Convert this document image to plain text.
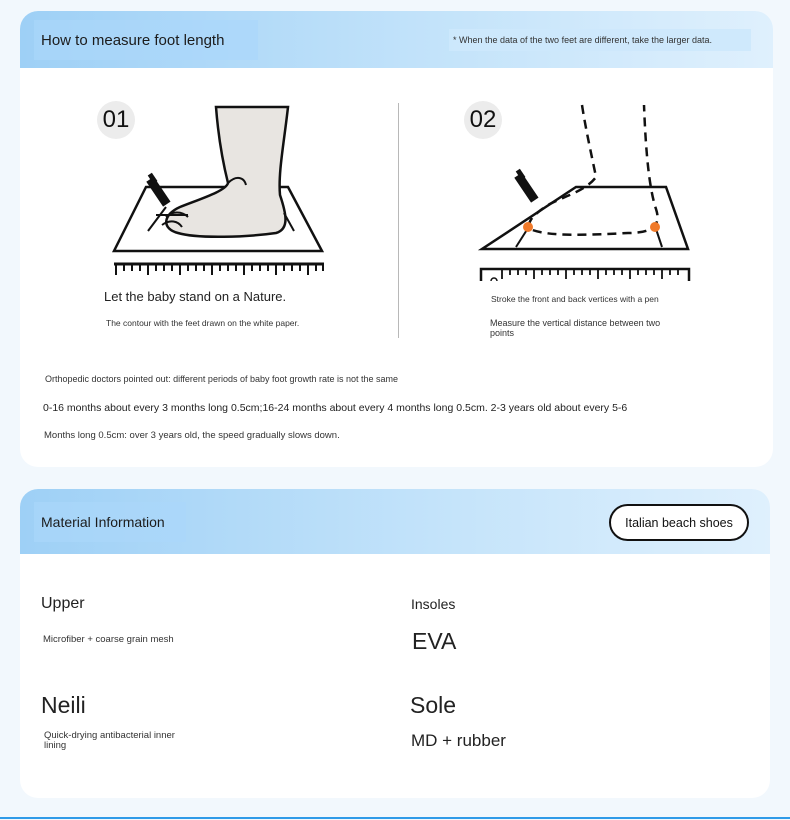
How to measure foot length	* When the data of the two feet are different, take the larger data.
01
Let the baby stand on a Nature.
The contour with the feet drawn on the white paper.
02
Stroke the front and back vertices with a pen
Measure the vertical distance between two points
Orthopedic doctors pointed out: different periods of baby foot growth rate is not the same
0-16 months about every 3 months long 0.5cm;16-24 months about every 4 months long 0.5cm. 2-3 years old about every 5-6
Months long 0.5cm: over 3 years old, the speed gradually slows down.
Material Information	Italian beach shoes
Upper
Microfiber + coarse grain mesh
Insoles
EVA
Neili
Quick-drying antibacterial inner lining
Sole
MD + rubber
